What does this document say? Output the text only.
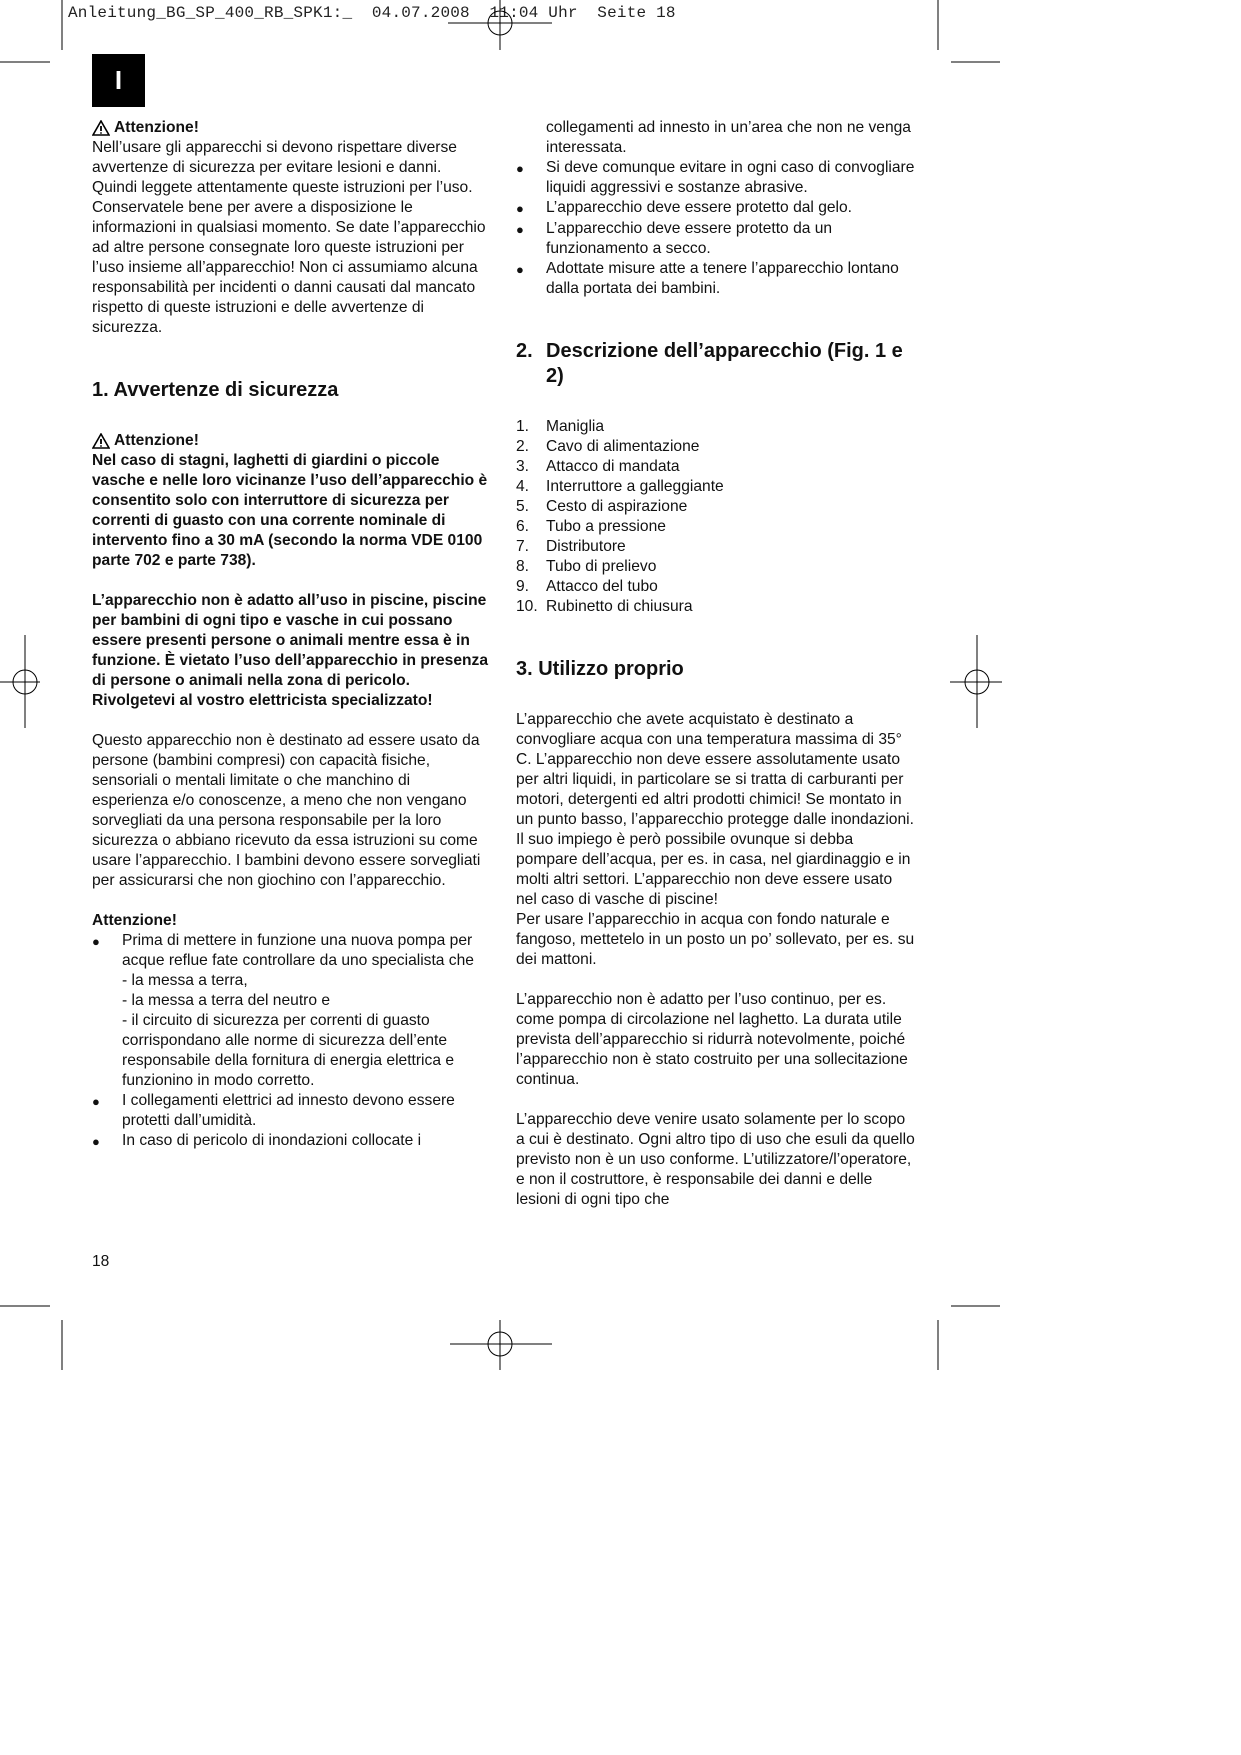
Anleitung_BG_SP_400_RB_SPK1:_  04.07.2008  11:04 Uhr  Seite 18
I
Attenzione!

Nell’usare gli apparecchi si devono rispettare diverse avvertenze di sicurezza per evitare lesioni e danni. Quindi leggete attentamente queste istruzioni per l’uso. Conservatele bene per avere a disposizione le informazioni in qualsiasi momento. Se date l’apparecchio ad altre persone consegnate loro queste istruzioni per l’uso insieme all’apparecchio! Non ci assumiamo alcuna responsabilità per incidenti o danni causati dal mancato rispetto di queste istruzioni e delle avvertenze di sicurezza.

1. Avvertenze di sicurezza
Attenzione!

Nel caso di stagni, laghetti di giardini o piccole vasche e nelle loro vicinanze l’uso dell’apparecchio è consentito solo con interruttore di sicurezza per correnti di guasto con una corrente nominale di intervento fino a 30 mA (secondo la norma VDE 0100 parte 702 e parte 738).

L’apparecchio non è adatto all’uso in piscine, piscine per bambini di ogni tipo e vasche in cui possano essere presenti persone o animali mentre essa è in funzione. È vietato l’uso dell’apparecchio in presenza di persone o animali nella zona di pericolo. Rivolgetevi al vostro elettricista specializzato!

Questo apparecchio non è destinato ad essere usato da persone (bambini compresi) con capacità fisiche, sensoriali o mentali limitate o che manchino di esperienza e/o conoscenze, a meno che non vengano sorvegliati da una persona responsabile per la loro sicurezza o abbiano ricevuto da essa istruzioni su come usare l’apparecchio. I bambini devono essere sorvegliati per assicurarsi che non giochino con l’apparecchio.

Attenzione!

●	Prima di mettere in funzione una nuova pompa per acque reflue fate controllare da uno specialista che
- la messa a terra,
- la messa a terra del neutro e
- il circuito di sicurezza per correnti di guasto corrispondano alle norme di sicurezza dell’ente responsabile della fornitura di energia elettrica e funzionino in modo corretto.
●	I collegamenti elettrici ad innesto devono essere protetti dall’umidità.
●	In caso di pericolo di inondazioni collocate i
collegamenti ad innesto in un’area che non ne venga interessata.
●	Si deve comunque evitare in ogni caso di convogliare liquidi aggressivi e sostanze abrasive.
●	L’apparecchio deve essere protetto dal gelo.
●	L’apparecchio deve essere protetto da un funzionamento a secco.
●	Adottate misure atte a tenere l’apparecchio lontano dalla portata dei bambini.
2. Descrizione dell’apparecchio (Fig. 1 e 2)
1.	Maniglia
2.	Cavo di alimentazione
3.	Attacco di mandata
4.	Interruttore a galleggiante
5.	Cesto di aspirazione
6.	Tubo a pressione
7.	Distributore
8.	Tubo di prelievo
9.	Attacco del tubo
10. Rubinetto di chiusura
3. Utilizzo proprio

L’apparecchio che avete acquistato è destinato a convogliare acqua con una temperatura massima di 35° C. L’apparecchio non deve essere assolutamente usato per altri liquidi, in particolare se si tratta di carburanti per motori, detergenti ed altri prodotti chimici! Se montato in un punto basso, l’apparecchio protegge dalle inondazioni. Il suo impiego è però possibile ovunque si debba pompare dell’acqua, per es. in casa, nel giardinaggio e in molti altri settori. L’apparecchio non deve essere usato nel caso di vasche di piscine!

Per usare l’apparecchio in acqua con fondo naturale e fangoso, mettetelo in un posto un po’ sollevato, per es. su dei mattoni.

L’apparecchio non è adatto per l’uso continuo, per es. come pompa di circolazione nel laghetto. La durata utile prevista dell’apparecchio si ridurrà notevolmente, poiché l’apparecchio non è stato costruito per una sollecitazione continua.

L’apparecchio deve venire usato solamente per lo scopo a cui è destinato. Ogni altro tipo di uso che esuli da quello previsto non è un uso conforme. L’utilizzatore/l’operatore, e non il costruttore, è responsabile dei danni e delle lesioni di ogni tipo che

18
